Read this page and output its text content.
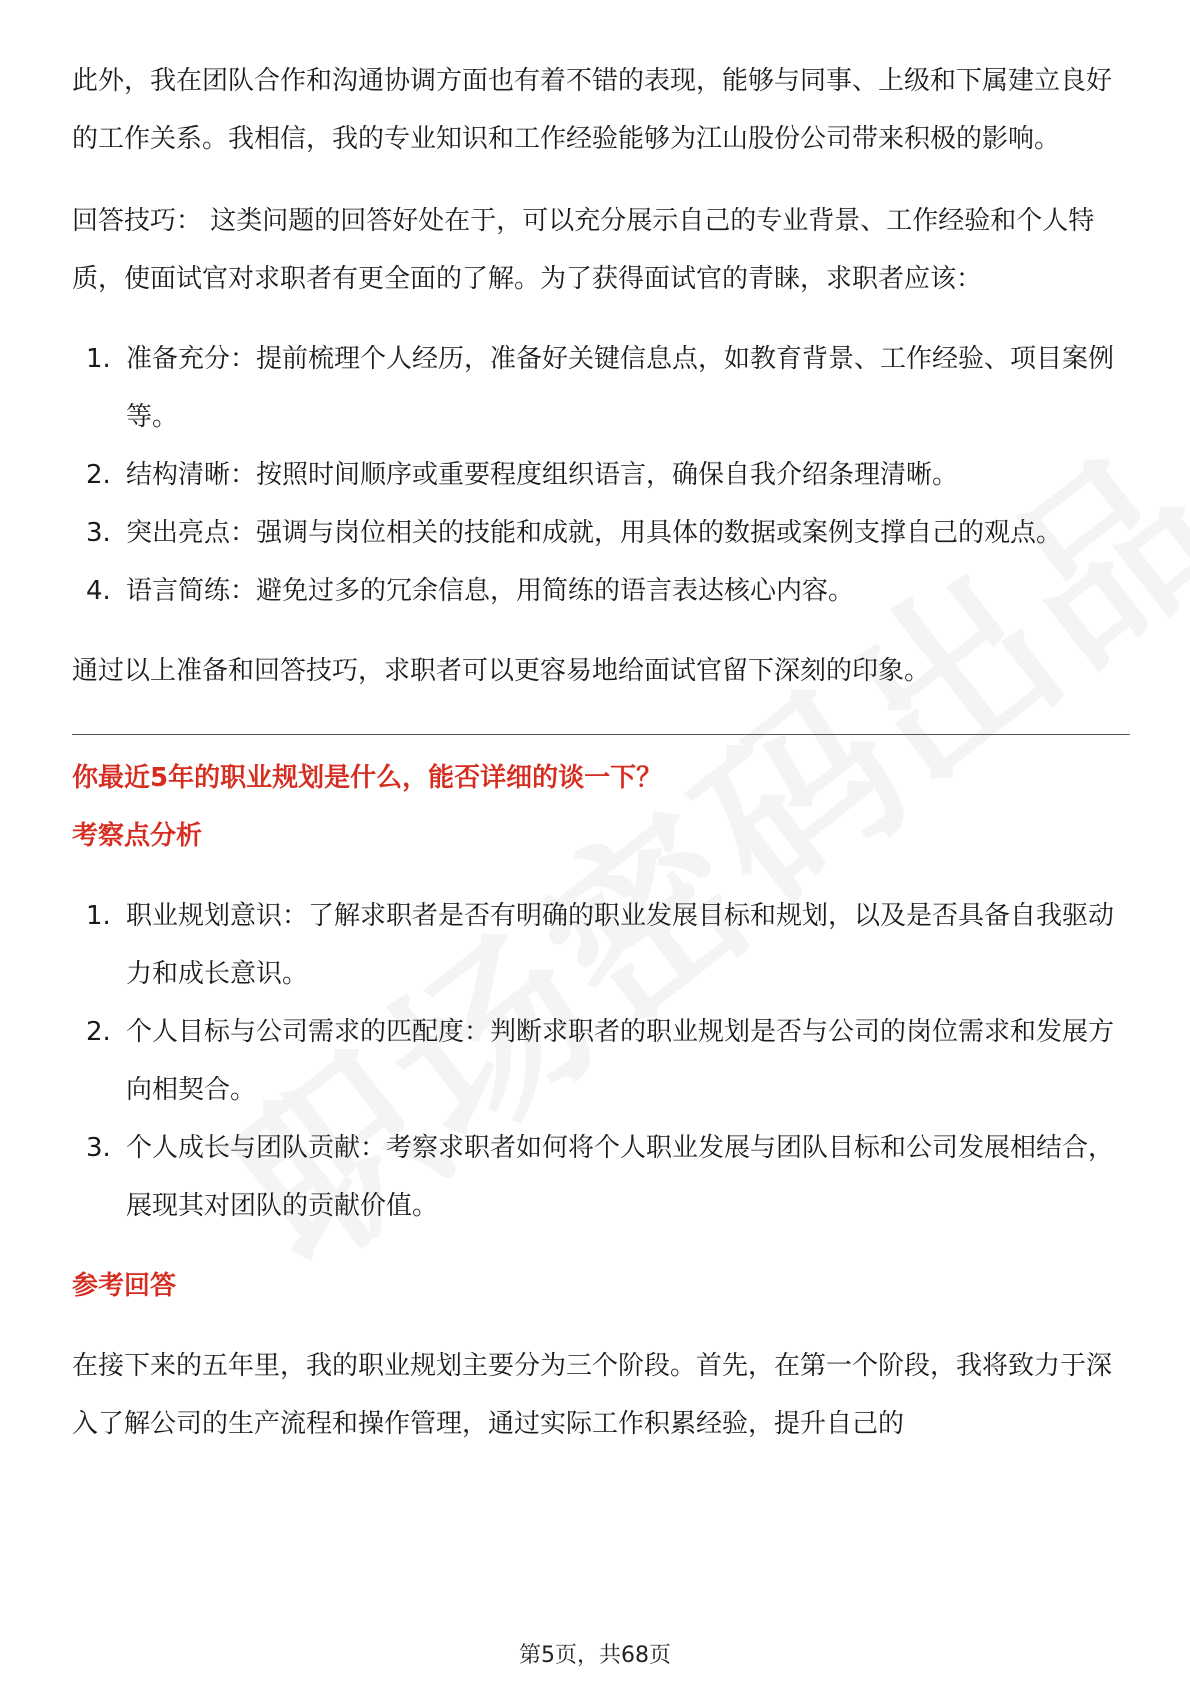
此外，我在团队合作和沟通协调方面也有着不错的表现，能够与同事、上级和下属建立良好的工作关系。我相信，我的专业知识和工作经验能够为江山股份公司带来积极的影响。

回答技巧： 这类问题的回答好处在于，可以充分展示自己的专业背景、工作经验和个人特质，使面试官对求职者有更全面的了解。为了获得面试官的青睐，求职者应该：

1. 准备充分：提前梳理个人经历，准备好关键信息点，如教育背景、工作经验、项目案例等。
2. 结构清晰：按照时间顺序或重要程度组织语言，确保自我介绍条理清晰。
3. 突出亮点：强调与岗位相关的技能和成就，用具体的数据或案例支撑自己的观点。
4. 语言简练：避免过多的冗余信息，用简练的语言表达核心内容。

通过以上准备和回答技巧，求职者可以更容易地给面试官留下深刻的印象。

你最近5年的职业规划是什么，能否详细的谈一下？

考察点分析

1. 职业规划意识：了解求职者是否有明确的职业发展目标和规划，以及是否具备自我驱动力和成长意识。
2. 个人目标与公司需求的匹配度：判断求职者的职业规划是否与公司的岗位需求和发展方向相契合。
3. 个人成长与团队贡献：考察求职者如何将个人职业发展与团队目标和公司发展相结合，展现其对团队的贡献价值。

参考回答

在接下来的五年里，我的职业规划主要分为三个阶段。首先，在第一个阶段，我将致力于深入了解公司的生产流程和操作管理，通过实际工作积累经验，提升自己的

第5页，共68页
